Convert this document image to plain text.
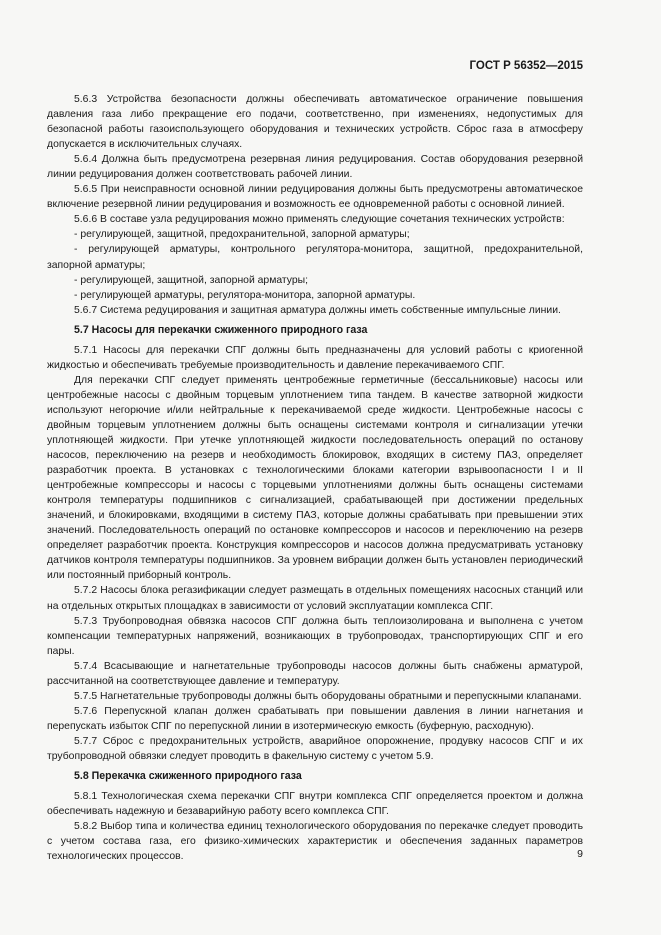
ГОСТ Р 56352—2015

5.6.3 Устройства безопасности должны обеспечивать автоматическое ограничение повышения давления газа либо прекращение его подачи, соответственно, при изменениях, недопустимых для безопасной работы газоиспользующего оборудования и технических устройств. Сброс газа в атмосферу допускается в исключительных случаях.

5.6.4 Должна быть предусмотрена резервная линия редуцирования. Состав оборудования резервной линии редуцирования должен соответствовать рабочей линии.

5.6.5 При неисправности основной линии редуцирования должны быть предусмотрены автоматическое включение резервной линии редуцирования и возможность ее одновременной работы с основной линией.

5.6.6 В составе узла редуцирования можно применять следующие сочетания технических устройств:

- регулирующей, защитной, предохранительной, запорной арматуры;

- регулирующей арматуры, контрольного регулятора-монитора, защитной, предохранительной, запорной арматуры;

- регулирующей, защитной, запорной арматуры;

- регулирующей арматуры, регулятора-монитора, запорной арматуры.

5.6.7 Система редуцирования и защитная арматура должны иметь собственные импульсные линии.

5.7 Насосы для перекачки сжиженного природного газа

5.7.1 Насосы для перекачки СПГ должны быть предназначены для условий работы с криогенной жидкостью и обеспечивать требуемые производительность и давление перекачиваемого СПГ.

Для перекачки СПГ следует применять центробежные герметичные (бессальниковые) насосы или центробежные насосы с двойным торцевым уплотнением типа тандем. В качестве затворной жидкости используют негорючие и/или нейтральные к перекачиваемой среде жидкости. Центробежные насосы с двойным торцевым уплотнением должны быть оснащены системами контроля и сигнализации утечки уплотняющей жидкости. При утечке уплотняющей жидкости последовательность операций по останову насосов, переключению на резерв и необходимость блокировок, входящих в систему ПАЗ, определяет разработчик проекта. В установках с технологическими блоками категории взрывоопасности I и II центробежные компрессоры и насосы с торцевыми уплотнениями должны быть оснащены системами контроля температуры подшипников с сигнализацией, срабатывающей при достижении предельных значений, и блокировками, входящими в систему ПАЗ, которые должны срабатывать при превышении этих значений. Последовательность операций по остановке компрессоров и насосов и переключению на резерв определяет разработчик проекта. Конструкция компрессоров и насосов должна предусматривать установку датчиков контроля температуры подшипников. За уровнем вибрации должен быть установлен периодический или постоянный приборный контроль.

5.7.2 Насосы блока регазификации следует размещать в отдельных помещениях насосных станций или на отдельных открытых площадках в зависимости от условий эксплуатации комплекса СПГ.

5.7.3 Трубопроводная обвязка насосов СПГ должна быть теплоизолирована и выполнена с учетом компенсации температурных напряжений, возникающих в трубопроводах, транспортирующих СПГ и его пары.

5.7.4 Всасывающие и нагнетательные трубопроводы насосов должны быть снабжены арматурой, рассчитанной на соответствующее давление и температуру.

5.7.5 Нагнетательные трубопроводы должны быть оборудованы обратными и перепускными клапанами.

5.7.6 Перепускной клапан должен срабатывать при повышении давления в линии нагнетания и перепускать избыток СПГ по перепускной линии в изотермическую емкость (буферную, расходную).

5.7.7 Сброс с предохранительных устройств, аварийное опорожнение, продувку насосов СПГ и их трубопроводной обвязки следует проводить в факельную систему с учетом 5.9.

5.8 Перекачка сжиженного природного газа

5.8.1 Технологическая схема перекачки СПГ внутри комплекса СПГ определяется проектом и должна обеспечивать надежную и безаварийную работу всего комплекса СПГ.

5.8.2 Выбор типа и количества единиц технологического оборудования по перекачке следует проводить с учетом состава газа, его физико-химических характеристик и обеспечения заданных параметров технологических процессов.	9
